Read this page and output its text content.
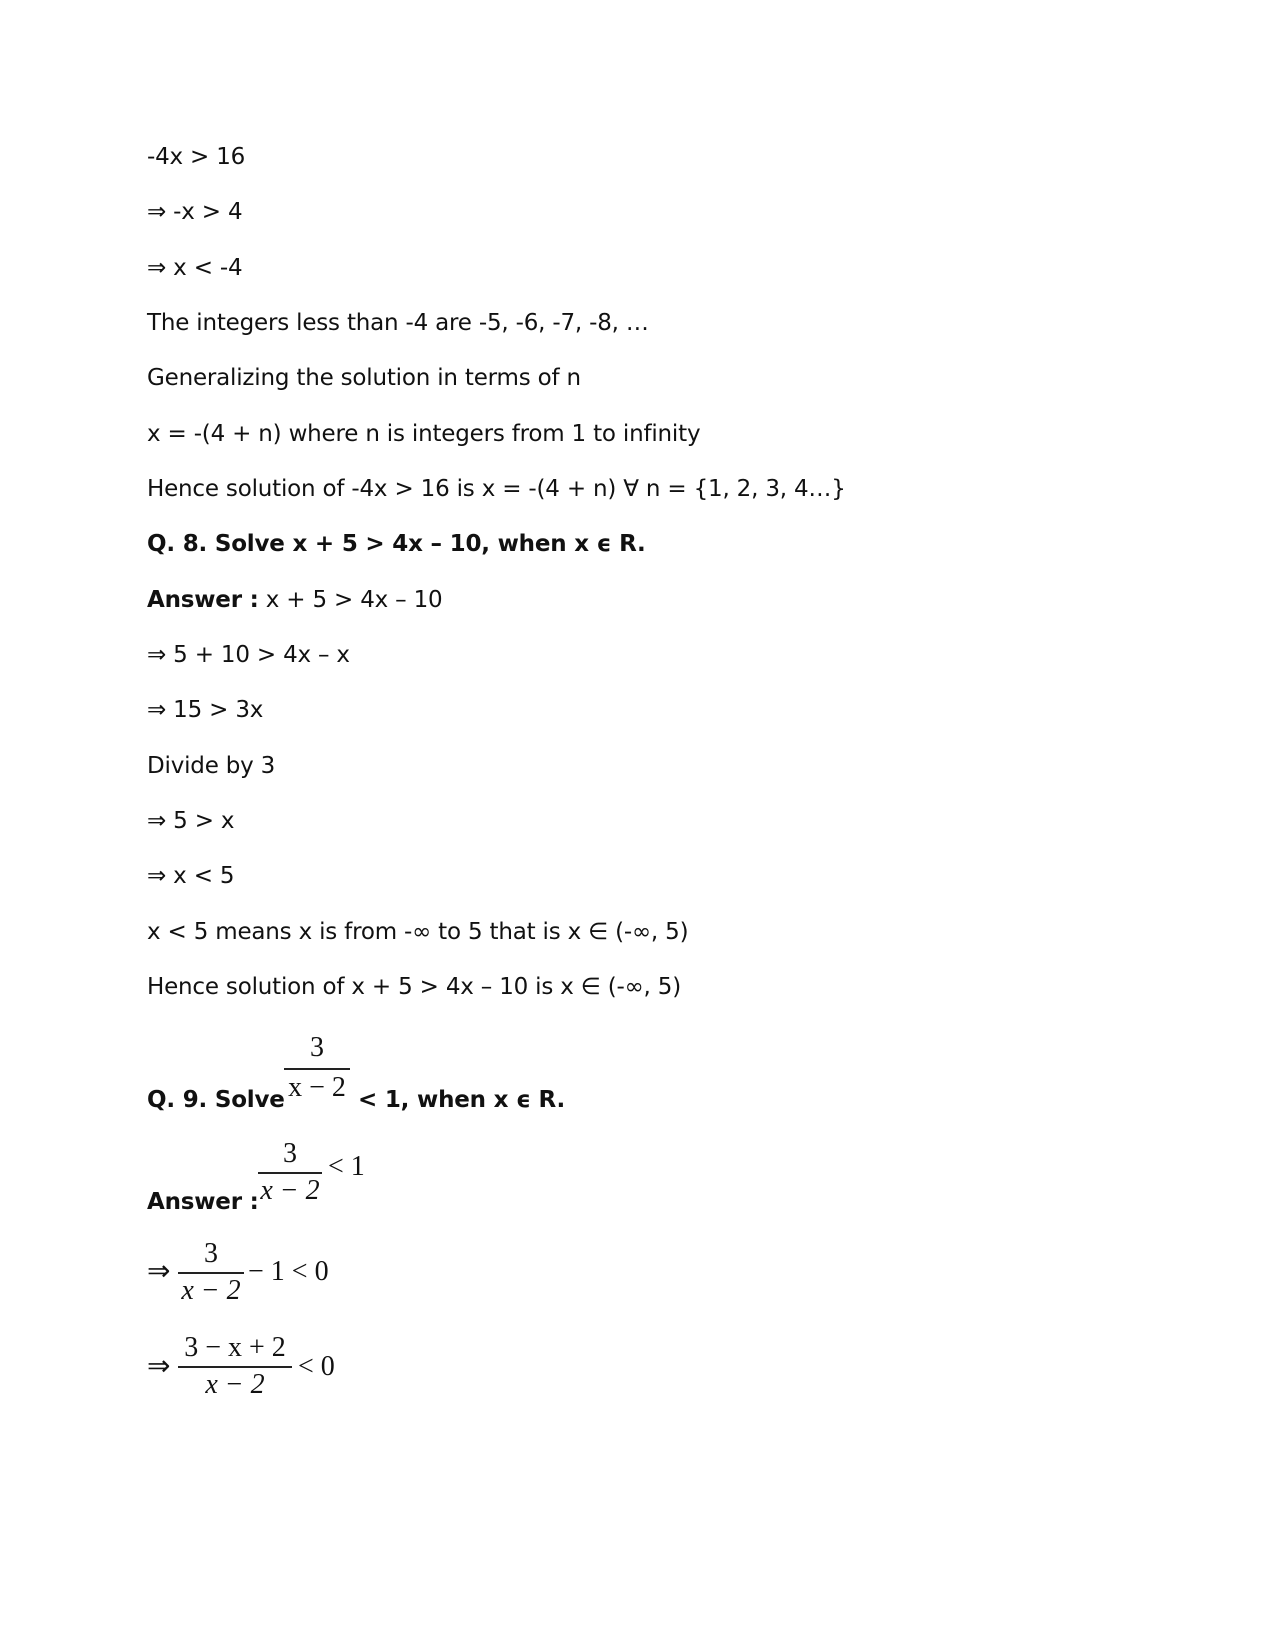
-4x > 16
⇒ -x > 4
⇒ x < -4
The integers less than -4 are -5, -6, -7, -8, …
Generalizing the solution in terms of n
x = -(4 + n) where n is integers from 1 to infinity
Hence solution of -4x > 16 is x = -(4 + n) ∀ n = {1, 2, 3, 4…}
Q. 8. Solve x + 5 > 4x – 10, when x ϵ R.
Answer : x + 5 > 4x – 10
⇒ 5 + 10 > 4x – x
⇒ 15 > 3x
Divide by 3
⇒ 5 > x
⇒ x < 5
x < 5 means x is from -∞ to 5 that is x ∈ (-∞, 5)
Hence solution of x + 5 > 4x – 10 is x ∈ (-∞, 5)
Q. 9. Solve
3
x − 2 < 1, when x ϵ R.
Answer :
3
x − 2
< 1
⇒
3
x − 2
− 1 < 0
⇒
3 − x + 2
x − 2
< 0
